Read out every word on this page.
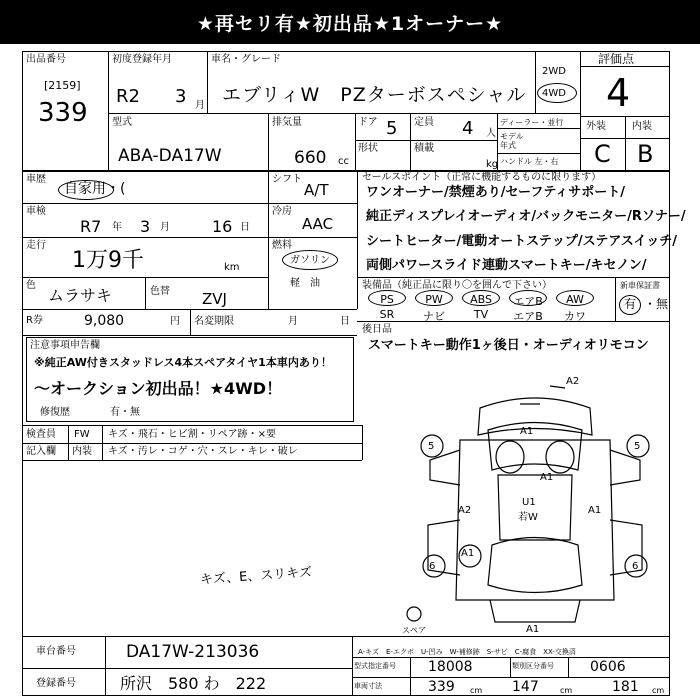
★再セリ有★初出品★1オーナー★
出品番号
[2159]
339
初度登録年月
R2 3 月
車名・グレード
エブリィW　PZターボスペシャル
2WD
4WD
評価点
4
型式
ABA-DA17W
排気量
660 cc
ドア 5 定員 4 人
形状	積載
kg
ディーラー・並行
モデル年式
ハンドル 左・右
外装	内装
C B
車歴
自家用・(
車検
R7 年 3 月	16 日
走行
1万9千	km
色
ムラサキ	色替 ZVJ
R券	9,080	円 名変期限	月	日
シフト
A/T
冷房
AAC
燃料
ガソリン
軽　油
セールスポイント（正常に機能するものに限ります）
ワンオーナー/禁煙あり/セーフティサポート/
純正ディスプレイオーディオ/バックモニター/Rソナー/
シートヒーター/電動オートステップ/ステアスイッチ/
両側パワースライド連動スマートキー/キセノン/
装備品（純正品に限り〇を囲んで下さい）
PS	PW	ABS	エアB	AW
SR	ナビ	TV	エアB	カワ
新車保証書
有 ・無
後日品
スマートキー動作1ヶ後日・オーディオリモコン
注意事項申告欄
※純正AW付きスタッドレス4本スペアタイヤ1本車内あり！
～オークション初出品！★4WD！
修復歴	有・無
検査員
記入欄
FW キズ・飛石・ヒビ割・リペア跡・×要
内装 キズ・汚レ・コゲ・穴・スレ・キレ・破レ
キズ、E、スリキズ
A2
A1
5	5
A1
A2
U1
若W
A1
A1
6	6
A1
スペア
車台番号	DA17W-213036
登録番号	所沢　580 わ　222
A-キズ　E-エクボ　U-凹み　W-補修跡　S-サビ　C-腐食　XX-交換済
型式指定番号 18008	類別区分番号	0606
車両寸法	339	147	181
cm	cm	cm
